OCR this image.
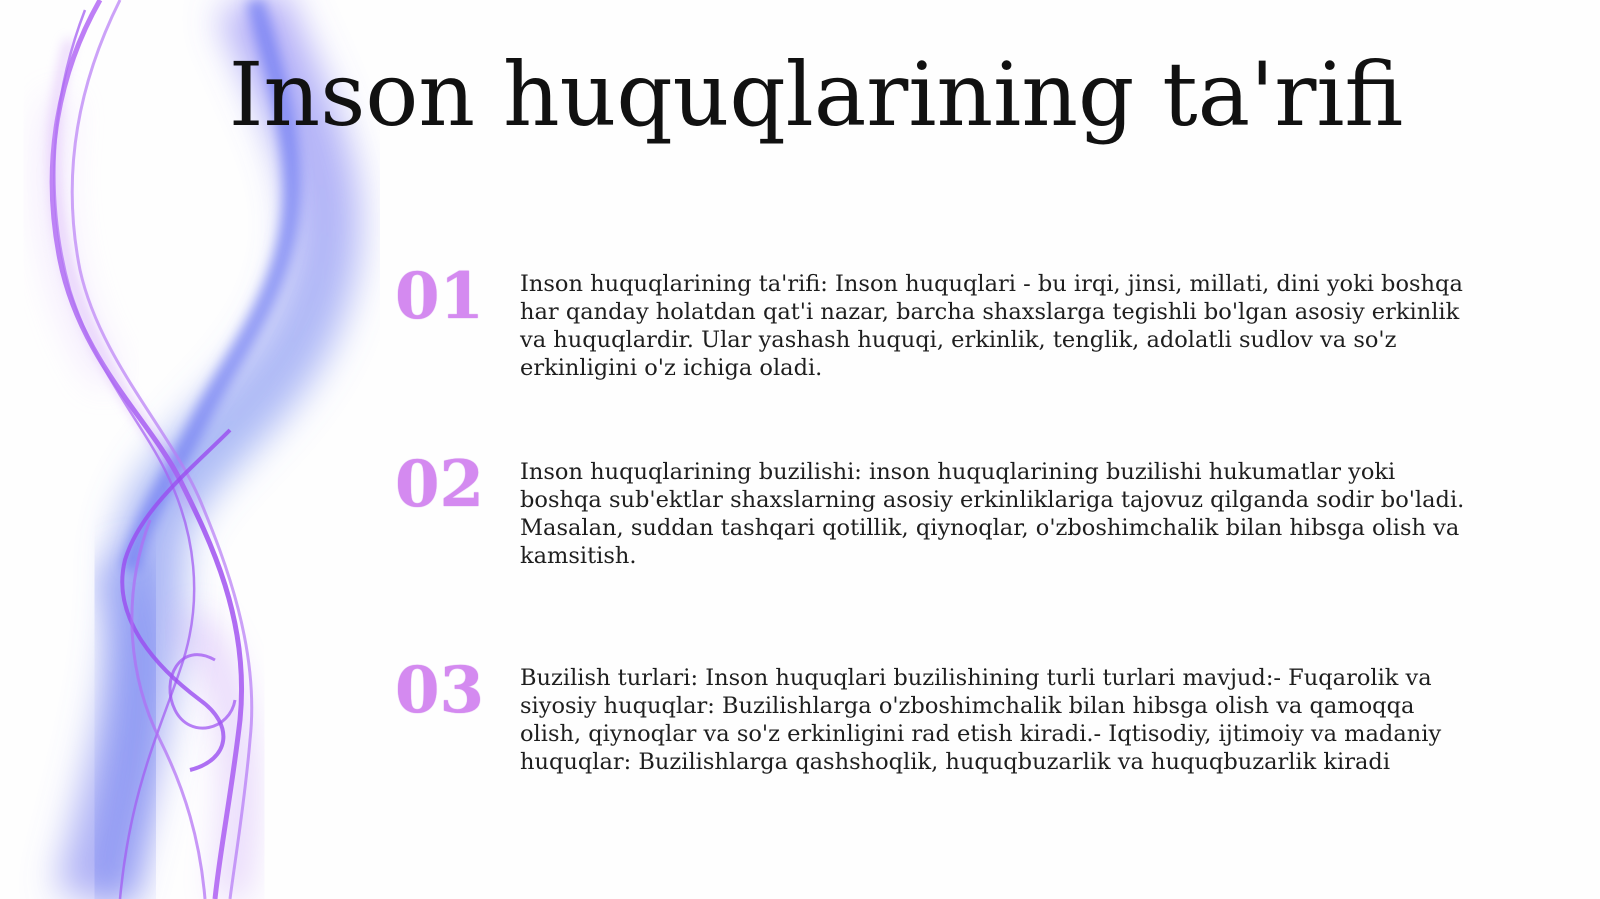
Inson huquqlarining ta'rifi
01	Inson huquqlarining ta'rifi: Inson huquqlari - bu irqi, jinsi, millati, dini yoki boshqa har qanday holatdan qat'i nazar, barcha shaxslarga tegishli bo'lgan asosiy erkinlik va huquqlardir. Ular yashash huquqi, erkinlik, tenglik, adolatli sudlov va so'z erkinligini o'z ichiga oladi.
02	Inson huquqlarining buzilishi: inson huquqlarining buzilishi hukumatlar yoki boshqa sub'ektlar shaxslarning asosiy erkinliklariga tajovuz qilganda sodir bo'ladi. Masalan, suddan tashqari qotillik, qiynoqlar, o'zboshimchalik bilan hibsga olish va kamsitish.
03	Buzilish turlari: Inson huquqlari buzilishining turli turlari mavjud:- Fuqarolik va siyosiy huquqlar: Buzilishlarga o'zboshimchalik bilan hibsga olish va qamoqqa olish, qiynoqlar va so'z erkinligini rad etish kiradi.- Iqtisodiy, ijtimoiy va madaniy huquqlar: Buzilishlarga qashshoqlik, huquqbuzarlik va huquqbuzarlik kiradi
